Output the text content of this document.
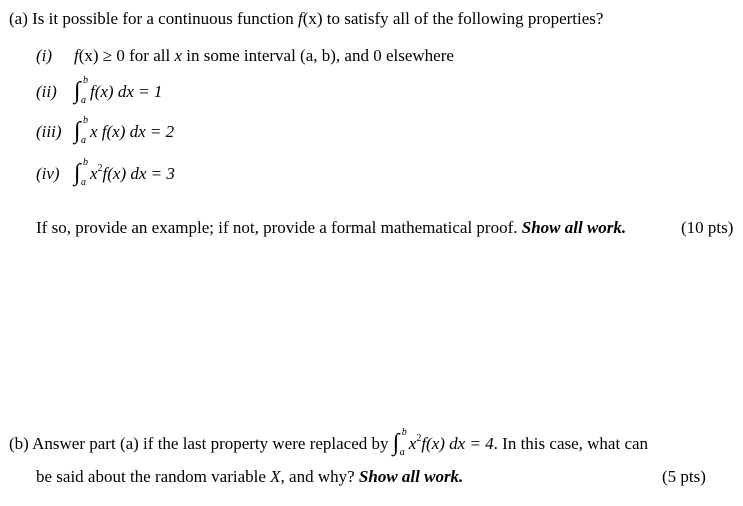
(a) Is it possible for a continuous function f(x) to satisfy all of the following properties?
(i) f(x) ≥ 0 for all x in some interval (a, b), and 0 elsewhere
(ii) ∫ b
a f(x) dx = 1
(iii) ∫ b
a x f(x) dx = 2
(iv) ∫ b
a $x^2f(x)$ dx = 3
If so, provide an example; if not, provide a formal mathematical proof. Show all work.	(10 pts)
(b) Answer part (a) if the last property were replaced by ∫ b
a $x^2f(x)$ dx = 4. In this case, what can
be said about the random variable X, and why? Show all work.	(5 pts)
